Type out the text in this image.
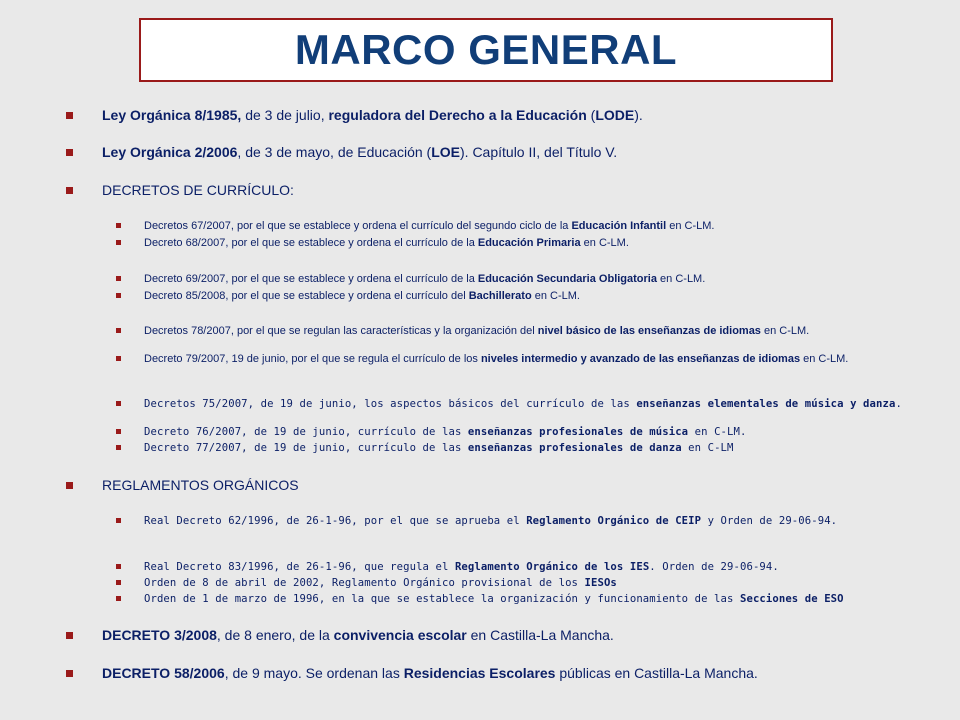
MARCO GENERAL
Ley Orgánica 8/1985, de 3 de julio, reguladora del Derecho a la Educación (LODE).
Ley Orgánica 2/2006, de 3 de mayo, de Educación (LOE). Capítulo II, del Título V.
DECRETOS DE CURRÍCULO:
Decretos 67/2007, por el que se establece y ordena el currículo del segundo ciclo de la Educación Infantil en C-LM.
Decreto 68/2007, por el que se establece y ordena el currículo de la Educación Primaria en C-LM.
Decreto 69/2007, por el que se establece y ordena el currículo de la Educación Secundaria Obligatoria en C-LM.
Decreto 85/2008, por el que se establece y ordena el currículo del Bachillerato en C-LM.
Decretos 78/2007, por el que se regulan las características y la organización del nivel básico de las enseñanzas de idiomas en C-LM.
Decreto 79/2007, 19 de junio, por el que se regula el currículo de los niveles intermedio y avanzado de las enseñanzas de idiomas en C-LM.
Decretos 75/2007, de 19 de junio, los aspectos básicos del currículo de las enseñanzas elementales de música y danza.
Decreto 76/2007, de 19 de junio, currículo de las enseñanzas profesionales de música en C-LM.
Decreto 77/2007, de 19 de junio, currículo de las enseñanzas profesionales de danza en C-LM
REGLAMENTOS ORGÁNICOS
Real Decreto 62/1996, de 26-1-96, por el que se aprueba el Reglamento Orgánico de CEIP y Orden de 29-06-94.
Real Decreto 83/1996, de 26-1-96, que regula el Reglamento Orgánico de los IES. Orden de 29-06-94.
Orden de 8 de abril de 2002, Reglamento Orgánico provisional de los IESOs
Orden de 1 de marzo de 1996, en la que se establece la organización y funcionamiento de las Secciones de ESO
DECRETO 3/2008, de 8 enero, de la convivencia escolar en Castilla-La Mancha.
DECRETO 58/2006, de 9 mayo. Se ordenan las Residencias Escolares públicas en Castilla-La Mancha.
